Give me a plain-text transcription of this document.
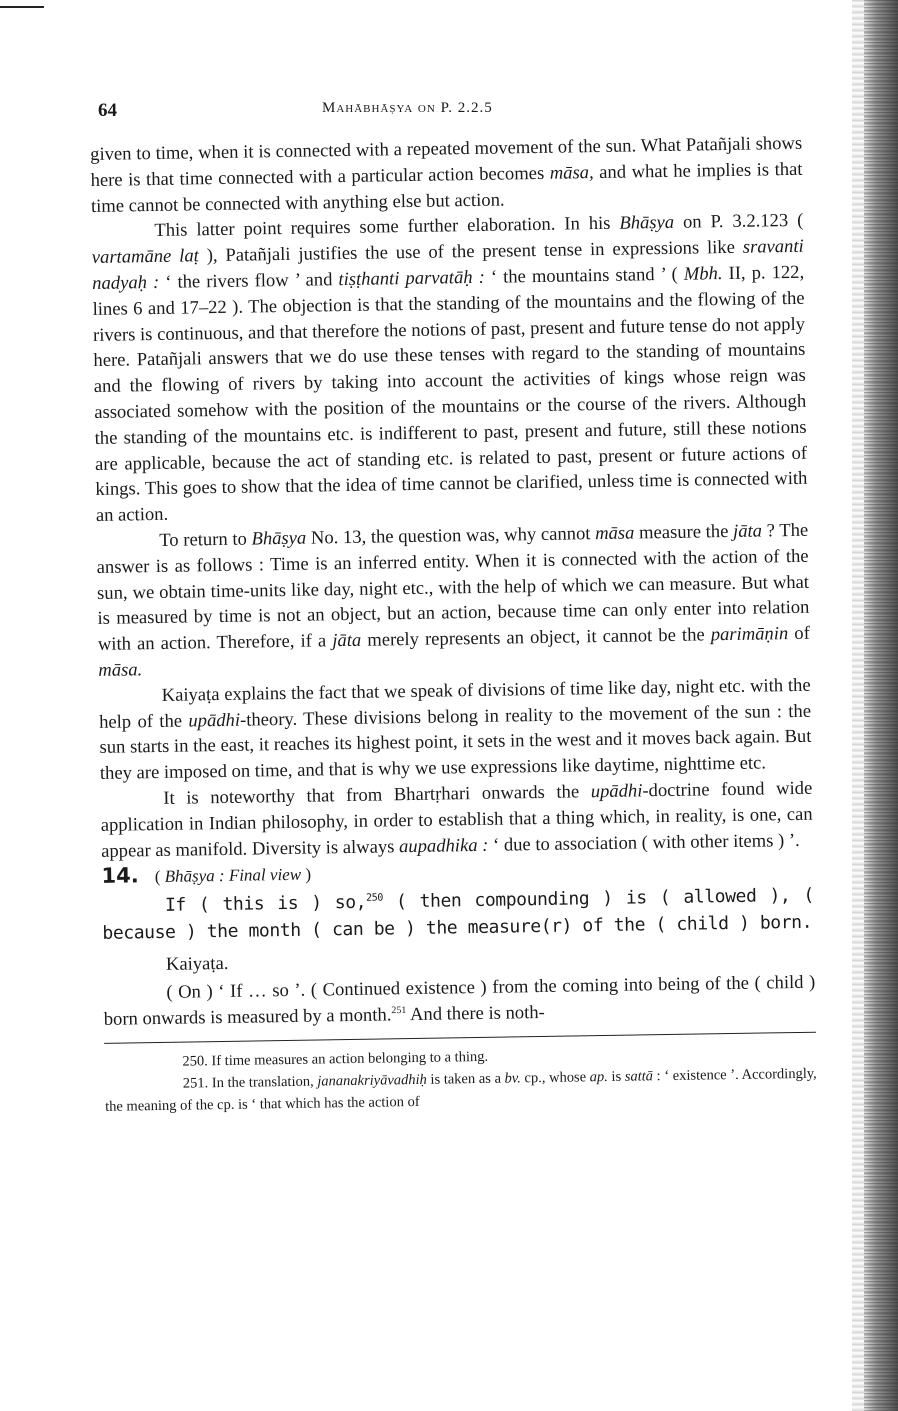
64	Mahābhāṣya on P. 2.2.5

given to time, when it is connected with a repeated movement of the sun. What Patañjali shows here is that time connected with a particular action becomes māsa, and what he implies is that time cannot be connected with anything else but action.

This latter point requires some further elaboration. In his Bhāṣya on P. 3.2.123 ( vartamāne laṭ ), Patañjali justifies the use of the present tense in expressions like sravanti nadyaḥ : ‘ the rivers flow ’ and tiṣṭhanti parvatāḥ : ‘ the mountains stand ’ ( Mbh. II, p. 122, lines 6 and 17–22 ). The objection is that the standing of the mountains and the flowing of the rivers is continuous, and that therefore the notions of past, present and future tense do not apply here. Patañjali answers that we do use these tenses with regard to the standing of mountains and the flowing of rivers by taking into account the activities of kings whose reign was associated somehow with the position of the mountains or the course of the rivers. Although the standing of the mountains etc. is indifferent to past, present and future, still these notions are applicable, because the act of standing etc. is related to past, present or future actions of kings. This goes to show that the idea of time cannot be clarified, unless time is connected with an action.

To return to Bhāṣya No. 13, the question was, why cannot māsa measure the jāta ? The answer is as follows : Time is an inferred entity. When it is connected with the action of the sun, we obtain time-units like day, night etc., with the help of which we can measure. But what is measured by time is not an object, but an action, because time can only enter into relation with an action. Therefore, if a jāta merely represents an object, it cannot be the parimāṇin of māsa.

Kaiyaṭa explains the fact that we speak of divisions of time like day, night etc. with the help of the upādhi-theory. These divisions belong in reality to the movement of the sun : the sun starts in the east, it reaches its highest point, it sets in the west and it moves back again. But they are imposed on time, and that is why we use expressions like daytime, nighttime etc.

It is noteworthy that from Bhartṛhari onwards the upādhi-doctrine found wide application in Indian philosophy, in order to establish that a thing which, in reality, is one, can appear as manifold. Diversity is always aupadhika : ‘ due to association ( with other items ) ’.

14. ( Bhāṣya : Final view )

If ( this is ) so,$^{250}$ ( then compounding ) is ( allowed ), ( because ) the month ( can be ) the measure(r) of the ( child ) born.

Kaiyaṭa.

( On ) ‘ If … so ’. ( Continued existence ) from the coming into being of the ( child ) born onwards is measured by a month.$^{251}$ And there is noth-

250. If time measures an action belonging to a thing.

251. In the translation, jananakriyāvadhiḥ is taken as a bv. cp., whose ap. is sattā : ‘ existence ’. Accordingly, the meaning of the cp. is ‘ that which has the action of
